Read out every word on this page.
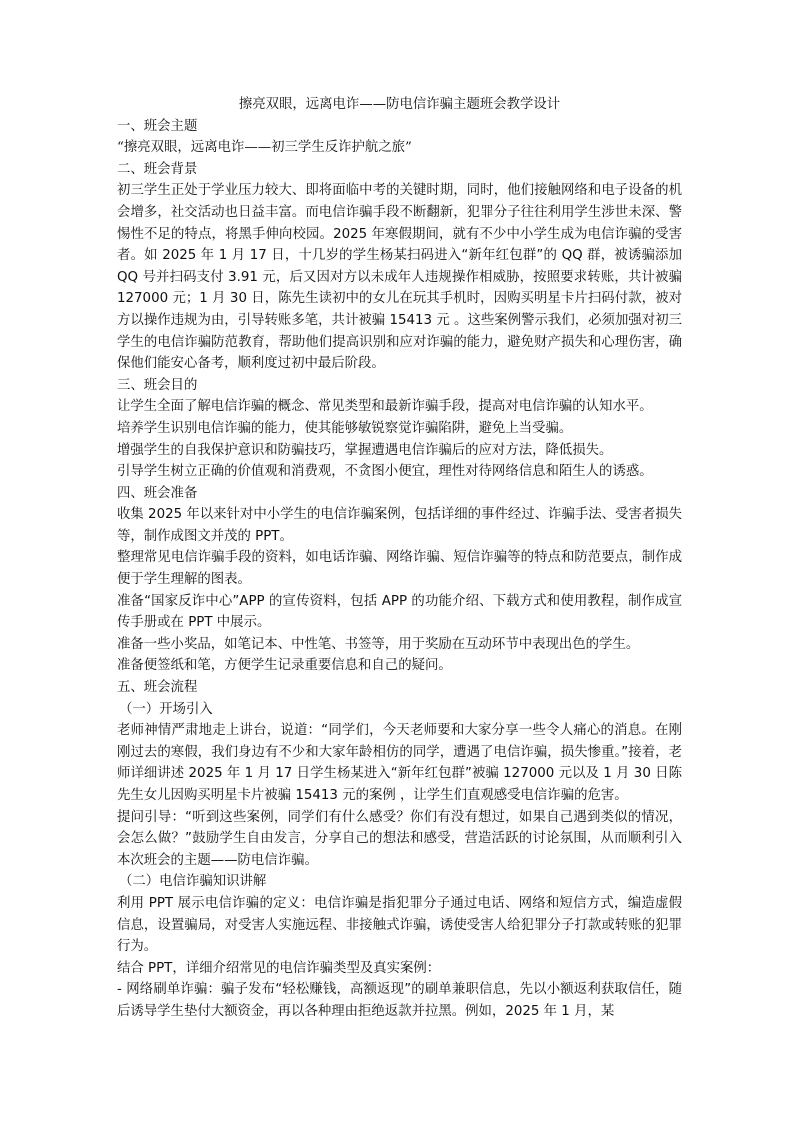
擦亮双眼，远离电诈——防电信诈骗主题班会教学设计

一、班会主题

“擦亮双眼，远离电诈——初三学生反诈护航之旅”

二、班会背景

初三学生正处于学业压力较大、即将面临中考的关键时期，同时，他们接触网络和电子设备的机会增多，社交活动也日益丰富。而电信诈骗手段不断翻新，犯罪分子往往利用学生涉世未深、警惕性不足的特点，将黑手伸向校园。2025 年寒假期间，就有不少中小学生成为电信诈骗的受害者。如 2025 年 1 月 17 日，十几岁的学生杨某扫码进入“新年红包群”的 QQ 群，被诱骗添加 QQ 号并扫码支付 3.91 元，后又因对方以未成年人违规操作相威胁，按照要求转账，共计被骗 127000 元；1 月 30 日，陈先生读初中的女儿在玩其手机时，因购买明星卡片扫码付款，被对方以操作违规为由，引导转账多笔，共计被骗 15413 元 。这些案例警示我们，必须加强对初三学生的电信诈骗防范教育，帮助他们提高识别和应对诈骗的能力，避免财产损失和心理伤害，确保他们能安心备考，顺利度过初中最后阶段。

三、班会目的

让学生全面了解电信诈骗的概念、常见类型和最新诈骗手段，提高对电信诈骗的认知水平。

培养学生识别电信诈骗的能力，使其能够敏锐察觉诈骗陷阱，避免上当受骗。

增强学生的自我保护意识和防骗技巧，掌握遭遇电信诈骗后的应对方法，降低损失。

引导学生树立正确的价值观和消费观，不贪图小便宜，理性对待网络信息和陌生人的诱惑。

四、班会准备

收集 2025 年以来针对中小学生的电信诈骗案例，包括详细的事件经过、诈骗手法、受害者损失等，制作成图文并茂的 PPT。

整理常见电信诈骗手段的资料，如电话诈骗、网络诈骗、短信诈骗等的特点和防范要点，制作成便于学生理解的图表。

准备“国家反诈中心”APP 的宣传资料，包括 APP 的功能介绍、下载方式和使用教程，制作成宣传手册或在 PPT 中展示。

准备一些小奖品，如笔记本、中性笔、书签等，用于奖励在互动环节中表现出色的学生。

准备便签纸和笔，方便学生记录重要信息和自己的疑问。

五、班会流程

（一）开场引入

老师神情严肃地走上讲台，说道：“同学们，今天老师要和大家分享一些令人痛心的消息。在刚刚过去的寒假，我们身边有不少和大家年龄相仿的同学，遭遇了电信诈骗，损失惨重。”接着，老师详细讲述 2025 年 1 月 17 日学生杨某进入“新年红包群”被骗 127000 元以及 1 月 30 日陈先生女儿因购买明星卡片被骗 15413 元的案例 ，让学生们直观感受电信诈骗的危害。

提问引导：“听到这些案例，同学们有什么感受？你们有没有想过，如果自己遇到类似的情况，会怎么做？”鼓励学生自由发言，分享自己的想法和感受，营造活跃的讨论氛围，从而顺利引入本次班会的主题——防电信诈骗。

（二）电信诈骗知识讲解

利用 PPT 展示电信诈骗的定义：电信诈骗是指犯罪分子通过电话、网络和短信方式，编造虚假信息，设置骗局，对受害人实施远程、非接触式诈骗，诱使受害人给犯罪分子打款或转账的犯罪行为。

结合 PPT，详细介绍常见的电信诈骗类型及真实案例：

- 网络刷单诈骗：骗子发布“轻松赚钱，高额返现”的刷单兼职信息，先以小额返利获取信任，随后诱导学生垫付大额资金，再以各种理由拒绝返款并拉黑。例如，2025 年 1 月，某
